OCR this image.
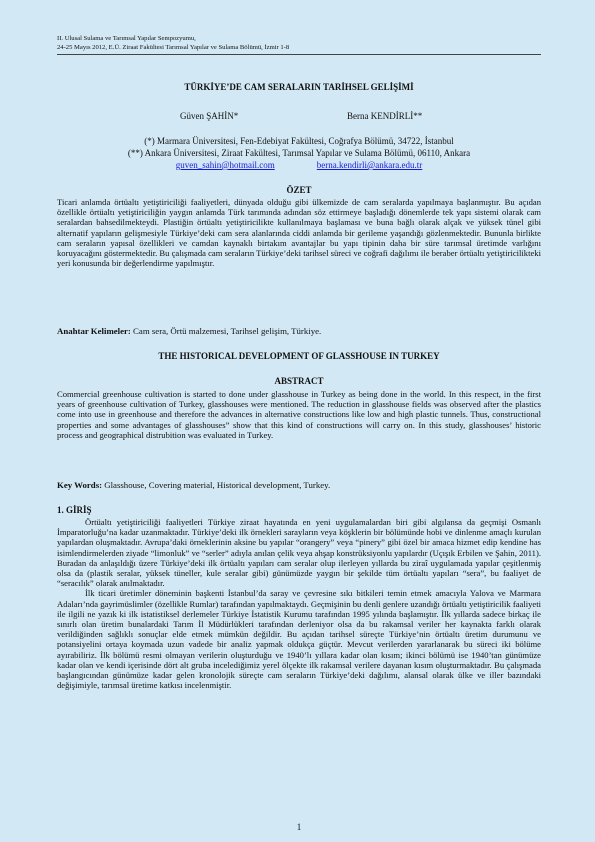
II. Ulusal Sulama ve Tarımsal Yapılar Sempozyumu,
24-25 Mayıs 2012, E.Ü. Ziraat Fakültesi Tarımsal Yapılar ve Sulama Bölümü, İzmir 1-8
TÜRKİYE’DE CAM SERALARIN TARİHSEL GELİŞİMİ
Güven ŞAHİN*	Berna KENDİRLİ**
(*) Marmara Üniversitesi, Fen-Edebiyat Fakültesi, Coğrafya Bölümü, 34722, İstanbul
(**) Ankara Üniversitesi, Ziraat Fakültesi, Tarımsal Yapılar ve Sulama Bölümü, 06110, Ankara
guven_sahin@hotmail.com	berna.kendirli@ankara.edu.tr
ÖZET

Ticari anlamda örtüaltı yetiştiriciliği faaliyetleri, dünyada olduğu gibi ülkemizde de cam seralarda yapılmaya başlanmıştır. Bu açıdan özellikle örtüaltı yetiştiriciliğin yaygın anlamda Türk tarımında adından söz ettirmeye başladığı dönemlerde tek yapı sistemi olarak cam seralardan bahsedilmekteydi. Plastiğin örtüaltı yetiştiricilikte kullanılmaya başlaması ve buna bağlı olarak alçak ve yüksek tünel gibi alternatif yapıların gelişmesiyle Türkiye’deki cam sera alanlarında ciddi anlamda bir gerileme yaşandığı gözlenmektedir. Bununla birlikte cam seraların yapısal özellikleri ve camdan kaynaklı birtakım avantajlar bu yapı tipinin daha bir süre tarımsal üretimde varlığını koruyacağını göstermektedir. Bu çalışmada cam seraların Türkiye’deki tarihsel süreci ve coğrafi dağılımı ile beraber örtüaltı yetiştiricilikteki yeri konusunda bir değerlendirme yapılmıştır.

Anahtar Kelimeler: Cam sera, Örtü malzemesi, Tarihsel gelişim, Türkiye.
THE HISTORICAL DEVELOPMENT OF GLASSHOUSE IN TURKEY
ABSTRACT

Commercial greenhouse cultivation is started to done under glasshouse in Turkey as being done in the world. In this respect, in the first years of greenhouse cultivation of Turkey, glasshouses were mentioned. The reduction in glasshouse fields was observed after the plastics come into use in greenhouse and therefore the advances in alternative constructions like low and high plastic tunnels. Thus, constructional properties and some advantages of glasshouses” show that this kind of constructions will carry on. In this study, glasshouses’ historic process and geographical distrubition was evaluated in Turkey.

Key Words: Glasshouse, Covering material, Historical development, Turkey.
1. GİRİŞ

Örtüaltı yetiştiriciliği faaliyetleri Türkiye ziraat hayatında en yeni uygulamalardan biri gibi algılansa da geçmişi Osmanlı İmparatorluğu’na kadar uzanmaktadır. Türkiye’deki ilk örnekleri sarayların veya köşklerin bir bölümünde hobi ve dinlenme amaçlı kurulan yapılardan oluşmaktadır. Avrupa’daki örneklerinin aksine bu yapılar “orangery” veya “pinery” gibi özel bir amaca hizmet edip kendine has isimlendirmelerden ziyade “limonluk” ve “serler” adıyla anılan çelik veya ahşap konstrüksiyonlu yapılardır (Uçışık Erbilen ve Şahin, 2011). Buradan da anlaşıldığı üzere Türkiye’deki ilk örtüaltı yapıları cam seralar olup ilerleyen yıllarda bu ziraî uygulamada yapılar çeşitlenmiş olsa da (plastik seralar, yüksek tüneller, kule seralar gibi) günümüzde yaygın bir şekilde tüm örtüaltı yapıları “sera”, bu faaliyet de “seracılık” olarak anılmaktadır.

İlk ticari üretimler döneminin başkenti İstanbul’da saray ve çevresine sıkı bitkileri temin etmek amacıyla Yalova ve Marmara Adaları’nda gayrimüslimler (özellikle Rumlar) tarafından yapılmaktaydı. Geçmişinin bu denli genlere uzandığı örtüaltı yetiştiricilik faaliyeti ile ilgili ne yazık ki ilk istatistiksel derlemeler Türkiye İstatistik Kurumu tarafından 1995 yılında başlamıştır. İlk yıllarda sadece birkaç ile sınırlı olan üretim bunalardaki Tarım İl Müdürlükleri tarafından derleniyor olsa da bu rakamsal veriler her kaynakta farklı olarak verildiğinden sağlıklı sonuçlar elde etmek mümkün değildir. Bu açıdan tarihsel süreçte Türkiye’nin örtüaltı üretim durumunu ve potansiyelini ortaya koymada uzun vadede bir analiz yapmak oldukça güçtür. Mevcut verilerden yararlanarak bu süreci iki bölüme ayırabiliriz. İlk bölümü resmi olmayan verilerin oluşturduğu ve 1940’lı yıllara kadar olan kısım; ikinci bölümü ise 1940’tan günümüze kadar olan ve kendi içerisinde dört alt gruba incelediğimiz yerel ölçekte ilk rakamsal verilere dayanan kısım oluşturmaktadır. Bu çalışmada başlangıcından günümüze kadar gelen kronolojik süreçte cam seraların Türkiye’deki dağılımı, alansal olarak ülke ve iller bazındaki değişimiyle, tarımsal üretime katkısı incelenmiştir.

1
